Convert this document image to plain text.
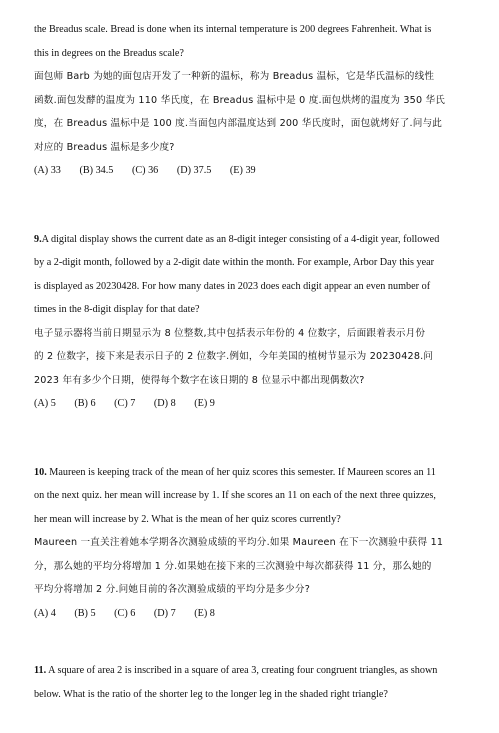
the Breadus scale. Bread is done when its internal temperature is 200 degrees Fahrenheit. What is

this in degrees on the Breadus scale?

面包师 Barb 为她的面包店开发了一种新的温标，称为 Breadus 温标，它是华氏温标的线性

函数.面包发酵的温度为 110 华氏度，在 Breadus 温标中是 0 度.面包烘烤的温度为 350 华氏

度，在 Breadus 温标中是 100 度.当面包内部温度达到 200 华氏度时，面包就烤好了.问与此

对应的 Breadus 温标是多少度?

(A) 33 (B) 34.5 (C) 36 (D) 37.5 (E) 39

9.A digital display shows the current date as an 8-digit integer consisting of a 4-digit year, followed

by a 2-digit month, followed by a 2-digit date within the month. For example, Arbor Day this year

is displayed as 20230428. For how many dates in 2023 does each digit appear an even number of

times in the 8-digit display for that date?

电子显示器将当前日期显示为 8 位整数,其中包括表示年份的 4 位数字，后面跟着表示月份

的 2 位数字，接下来是表示日子的 2 位数字.例如，今年美国的植树节显示为 20230428.问

2023 年有多少个日期，使得每个数字在该日期的 8 位显示中都出现偶数次?

(A) 5 (B) 6 (C) 7 (D) 8 (E) 9

10. Maureen is keeping track of the mean of her quiz scores this semester. If Maureen scores an 11

on the next quiz. her mean will increase by 1. If she scores an 11 on each of the next three quizzes,

her mean will increase by 2. What is the mean of her quiz scores currently?

Maureen 一直关注着她本学期各次测验成绩的平均分.如果 Maureen 在下一次测验中获得 11

分，那么她的平均分将增加 1 分.如果她在接下来的三次测验中每次都获得 11 分，那么她的

平均分将增加 2 分.问她目前的各次测验成绩的平均分是多少分?

(A) 4 (B) 5 (C) 6 (D) 7 (E) 8

11. A square of area 2 is inscribed in a square of area 3, creating four congruent triangles, as shown

below. What is the ratio of the shorter leg to the longer leg in the shaded right triangle?
